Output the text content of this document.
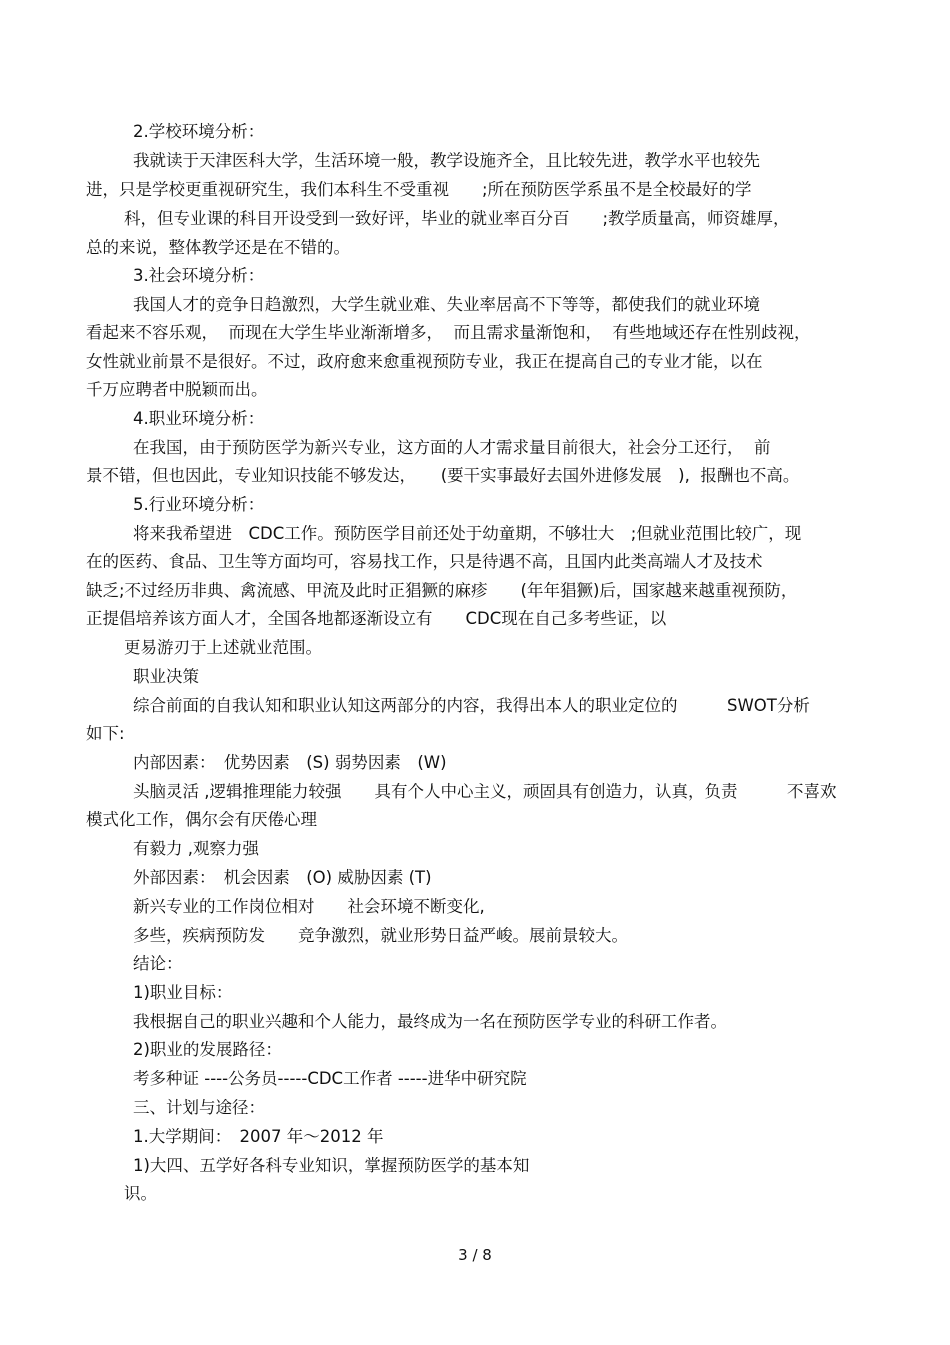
2.学校环境分析：
我就读于天津医科大学，生活环境一般，教学设施齐全，且比较先进，教学水平也较先
进，只是学校更重视研究生，我们本科生不受重视　　;所在预防医学系虽不是全校最好的学
科，但专业课的科目开设受到一致好评，毕业的就业率百分百　　;教学质量高，师资雄厚，
总的来说，整体教学还是在不错的。
3.社会环境分析：
我国人才的竞争日趋激烈，大学生就业难、失业率居高不下等等，都使我们的就业环境
看起来不容乐观，  而现在大学生毕业渐渐增多，  而且需求量渐饱和，  有些地域还存在性别歧视，
女性就业前景不是很好。不过，政府愈来愈重视预防专业，我正在提高自己的专业才能，以在
千万应聘者中脱颖而出。
4.职业环境分析：
在我国，由于预防医学为新兴专业，这方面的人才需求量目前很大，社会分工还行，  前
景不错，但也因此，专业知识技能不够发达，　　(要干实事最好去国外进修发展　),  报酬也不高。
5.行业环境分析：
将来我希望进　CDC工作。预防医学目前还处于幼童期，不够壮大　;但就业范围比较广，现
在的医药、食品、卫生等方面均可，容易找工作，只是待遇不高，且国内此类高端人才及技术
缺乏;不过经历非典、禽流感、甲流及此时正猖獗的麻疹　　(年年猖獗)后，国家越来越重视预防，
正提倡培养该方面人才，全国各地都逐渐设立有　　CDC现在自己多考些证，以
更易游刃于上述就业范围。
职业决策
综合前面的自我认知和职业认知这两部分的内容，我得出本人的职业定位的　　　SWOT分析
如下:
内部因素：　优势因素　(S) 弱势因素　(W)
头脑灵活 ,逻辑推理能力较强　　具有个人中心主义，顽固具有创造力，认真，负责　　　不喜欢
模式化工作，偶尔会有厌倦心理
有毅力 ,观察力强
外部因素：　机会因素　(O) 威胁因素 (T)
新兴专业的工作岗位相对　　社会环境不断变化,
多些，疾病预防发　　竞争激烈，就业形势日益严峻。展前景较大。
结论：
1)职业目标：
我根据自己的职业兴趣和个人能力，最终成为一名在预防医学专业的科研工作者。
2)职业的发展路径：
考多种证 ----公务员-----CDC工作者 -----进华中研究院
三、计划与途径：
1.大学期间：　2007 年～2012 年
1)大四、五学好各科专业知识，掌握预防医学的基本知
识。
3 / 8
